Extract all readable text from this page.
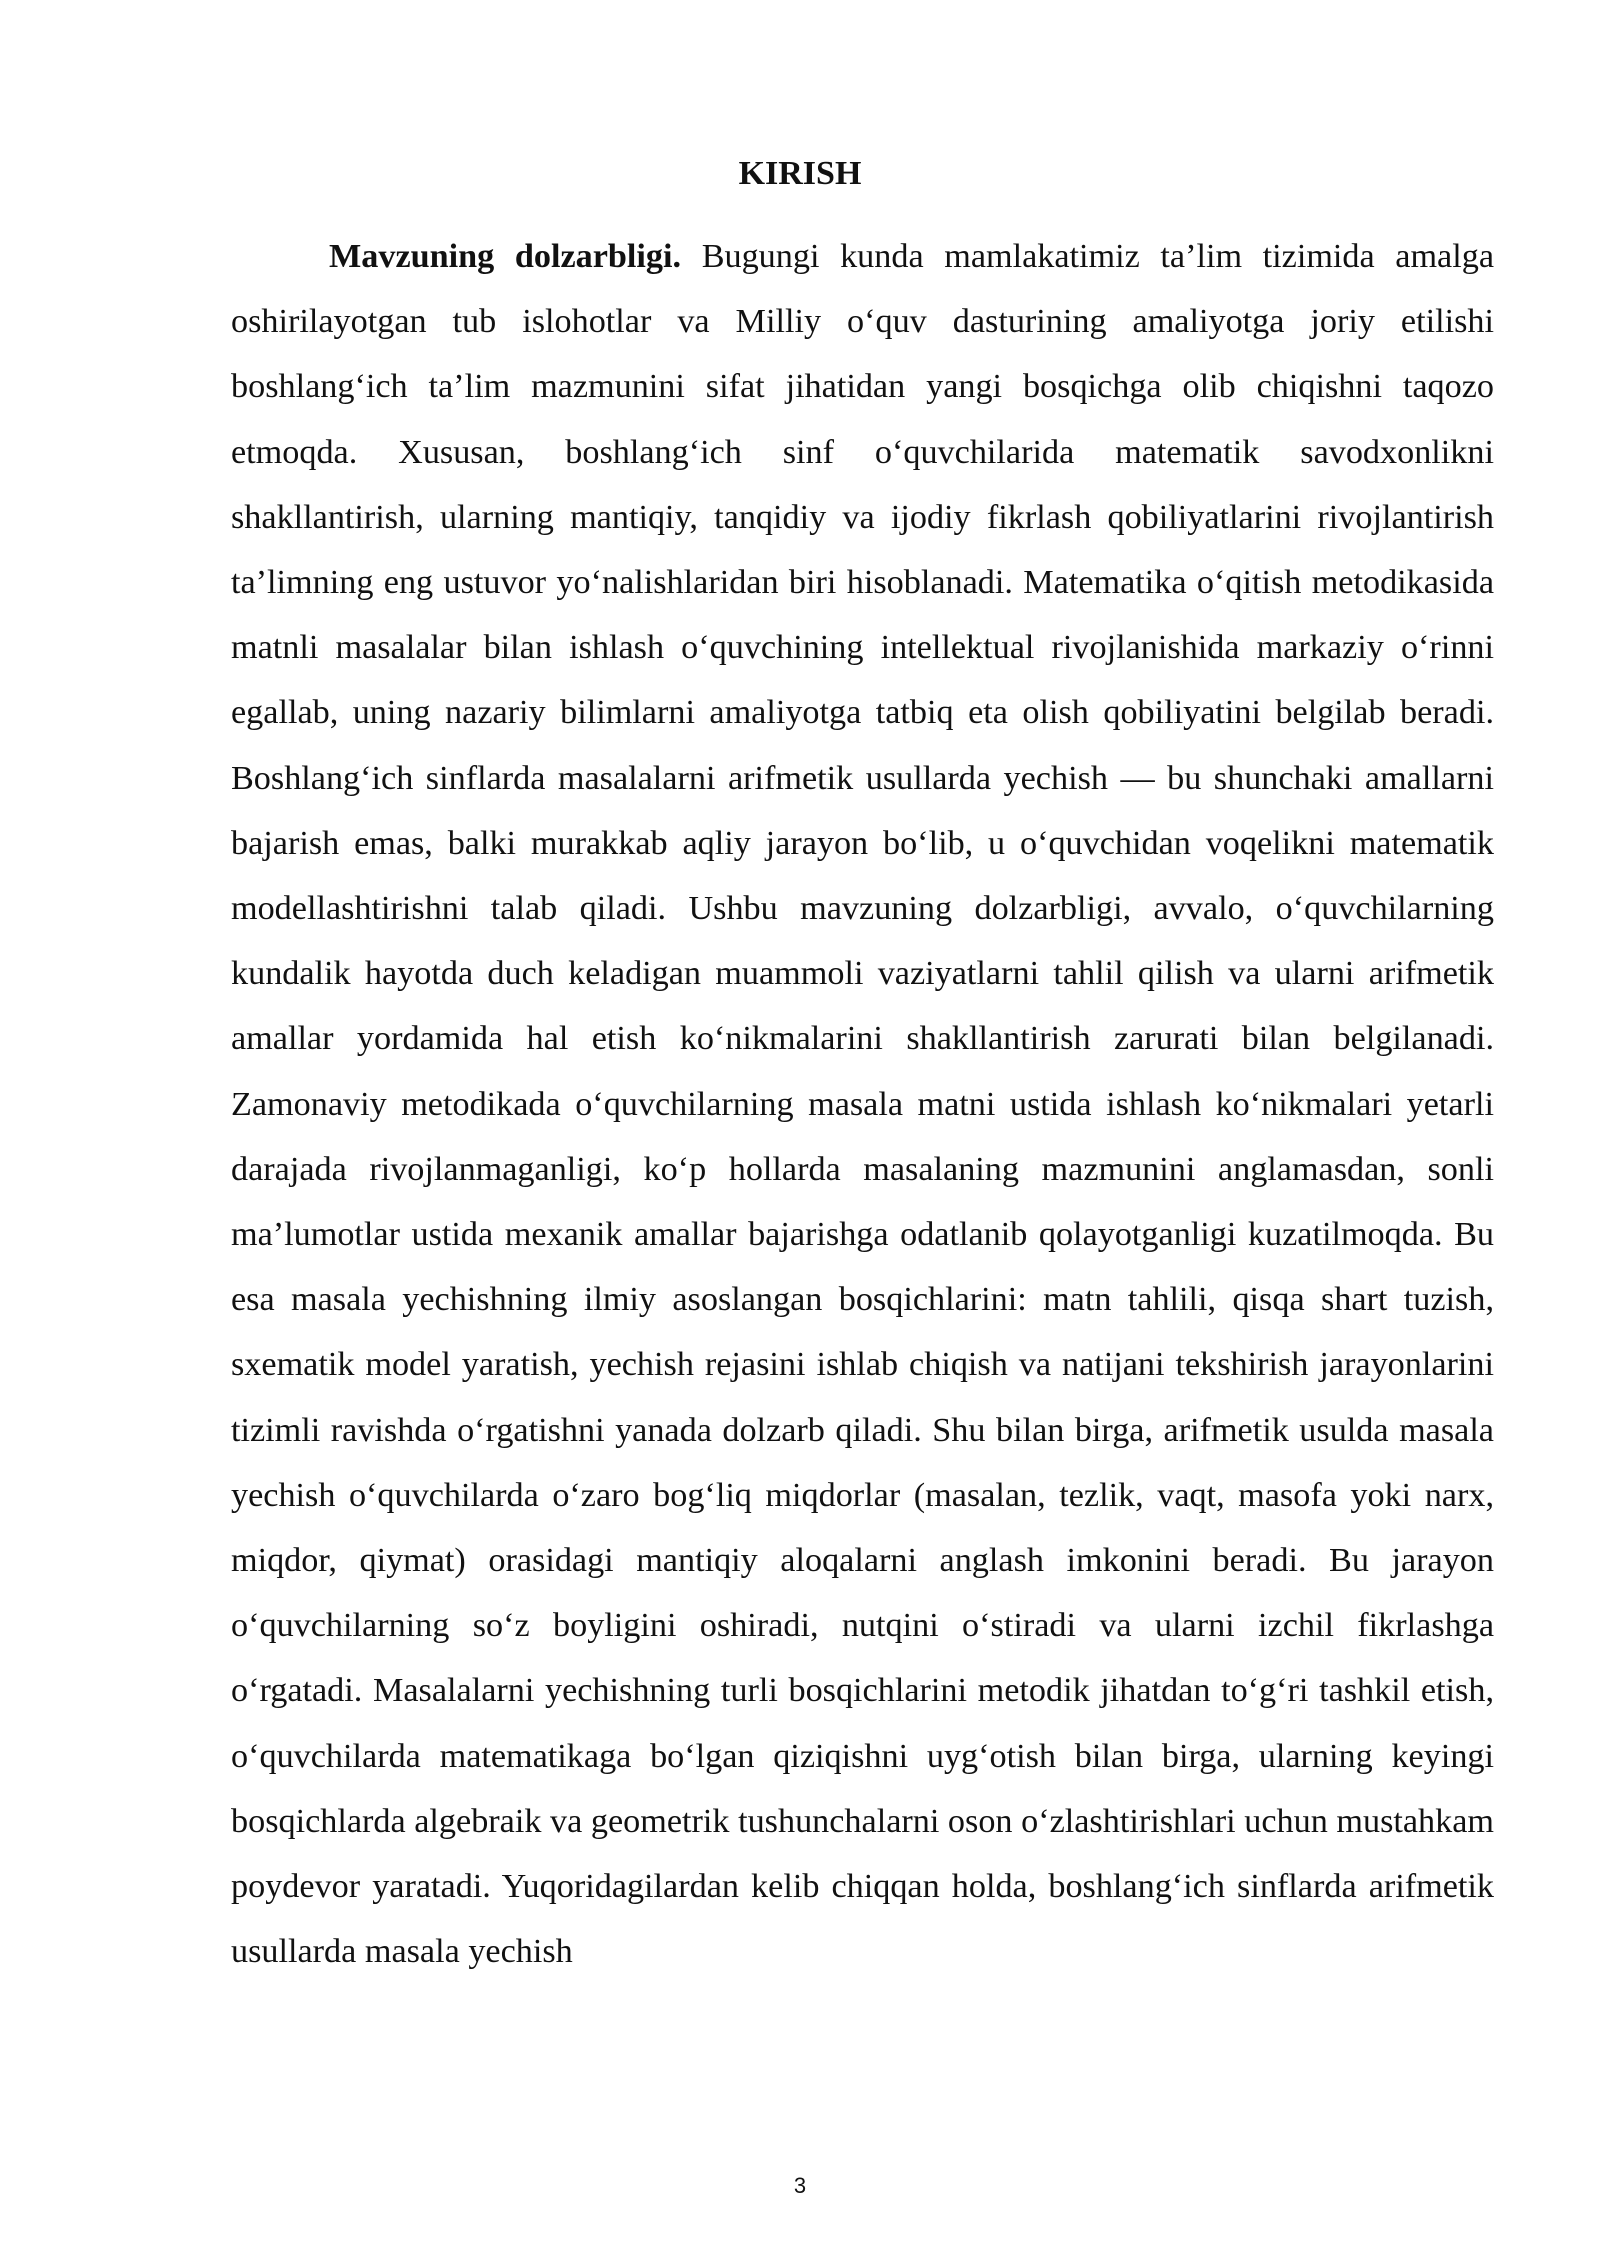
KIRISH

Mavzuning dolzarbligi. Bugungi kunda mamlakatimiz ta’lim tizimida amalga oshirilayotgan tub islohotlar va Milliy o‘quv dasturining amaliyotga joriy etilishi boshlang‘ich ta’lim mazmunini sifat jihatidan yangi bosqichga olib chiqishni taqozo etmoqda. Xususan, boshlang‘ich sinf o‘quvchilarida matematik savodxonlikni shakllantirish, ularning mantiqiy, tanqidiy va ijodiy fikrlash qobiliyatlarini rivojlantirish ta’limning eng ustuvor yo‘nalishlaridan biri hisoblanadi. Matematika o‘qitish metodikasida matnli masalalar bilan ishlash o‘quvchining intellektual rivojlanishida markaziy o‘rinni egallab, uning nazariy bilimlarni amaliyotga tatbiq eta olish qobiliyatini belgilab beradi. Boshlang‘ich sinflarda masalalarni arifmetik usullarda yechish — bu shunchaki amallarni bajarish emas, balki murakkab aqliy jarayon bo‘lib, u o‘quvchidan voqelikni matematik modellashtirishni talab qiladi. Ushbu mavzuning dolzarbligi, avvalo, o‘quvchilarning kundalik hayotda duch keladigan muammoli vaziyatlarni tahlil qilish va ularni arifmetik amallar yordamida hal etish ko‘nikmalarini shakllantirish zarurati bilan belgilanadi. Zamonaviy metodikada o‘quvchilarning masala matni ustida ishlash ko‘nikmalari yetarli darajada rivojlanmaganligi, ko‘p hollarda masalaning mazmunini anglamasdan, sonli ma’lumotlar ustida mexanik amallar bajarishga odatlanib qolayotganligi kuzatilmoqda. Bu esa masala yechishning ilmiy asoslangan bosqichlarini: matn tahlili, qisqa shart tuzish, sxematik model yaratish, yechish rejasini ishlab chiqish va natijani tekshirish jarayonlarini tizimli ravishda o‘rgatishni yanada dolzarb qiladi. Shu bilan birga, arifmetik usulda masala yechish o‘quvchilarda o‘zaro bog‘liq miqdorlar (masalan, tezlik, vaqt, masofa yoki narx, miqdor, qiymat) orasidagi mantiqiy aloqalarni anglash imkonini beradi. Bu jarayon o‘quvchilarning so‘z boyligini oshiradi, nutqini o‘stiradi va ularni izchil fikrlashga o‘rgatadi. Masalalarni yechishning turli bosqichlarini metodik jihatdan to‘g‘ri tashkil etish, o‘quvchilarda matematikaga bo‘lgan qiziqishni uyg‘otish bilan birga, ularning keyingi bosqichlarda algebraik va geometrik tushunchalarni oson o‘zlashtirishlari uchun mustahkam poydevor yaratadi. Yuqoridagilardan kelib chiqqan holda, boshlang‘ich sinflarda arifmetik usullarda masala yechish

3
